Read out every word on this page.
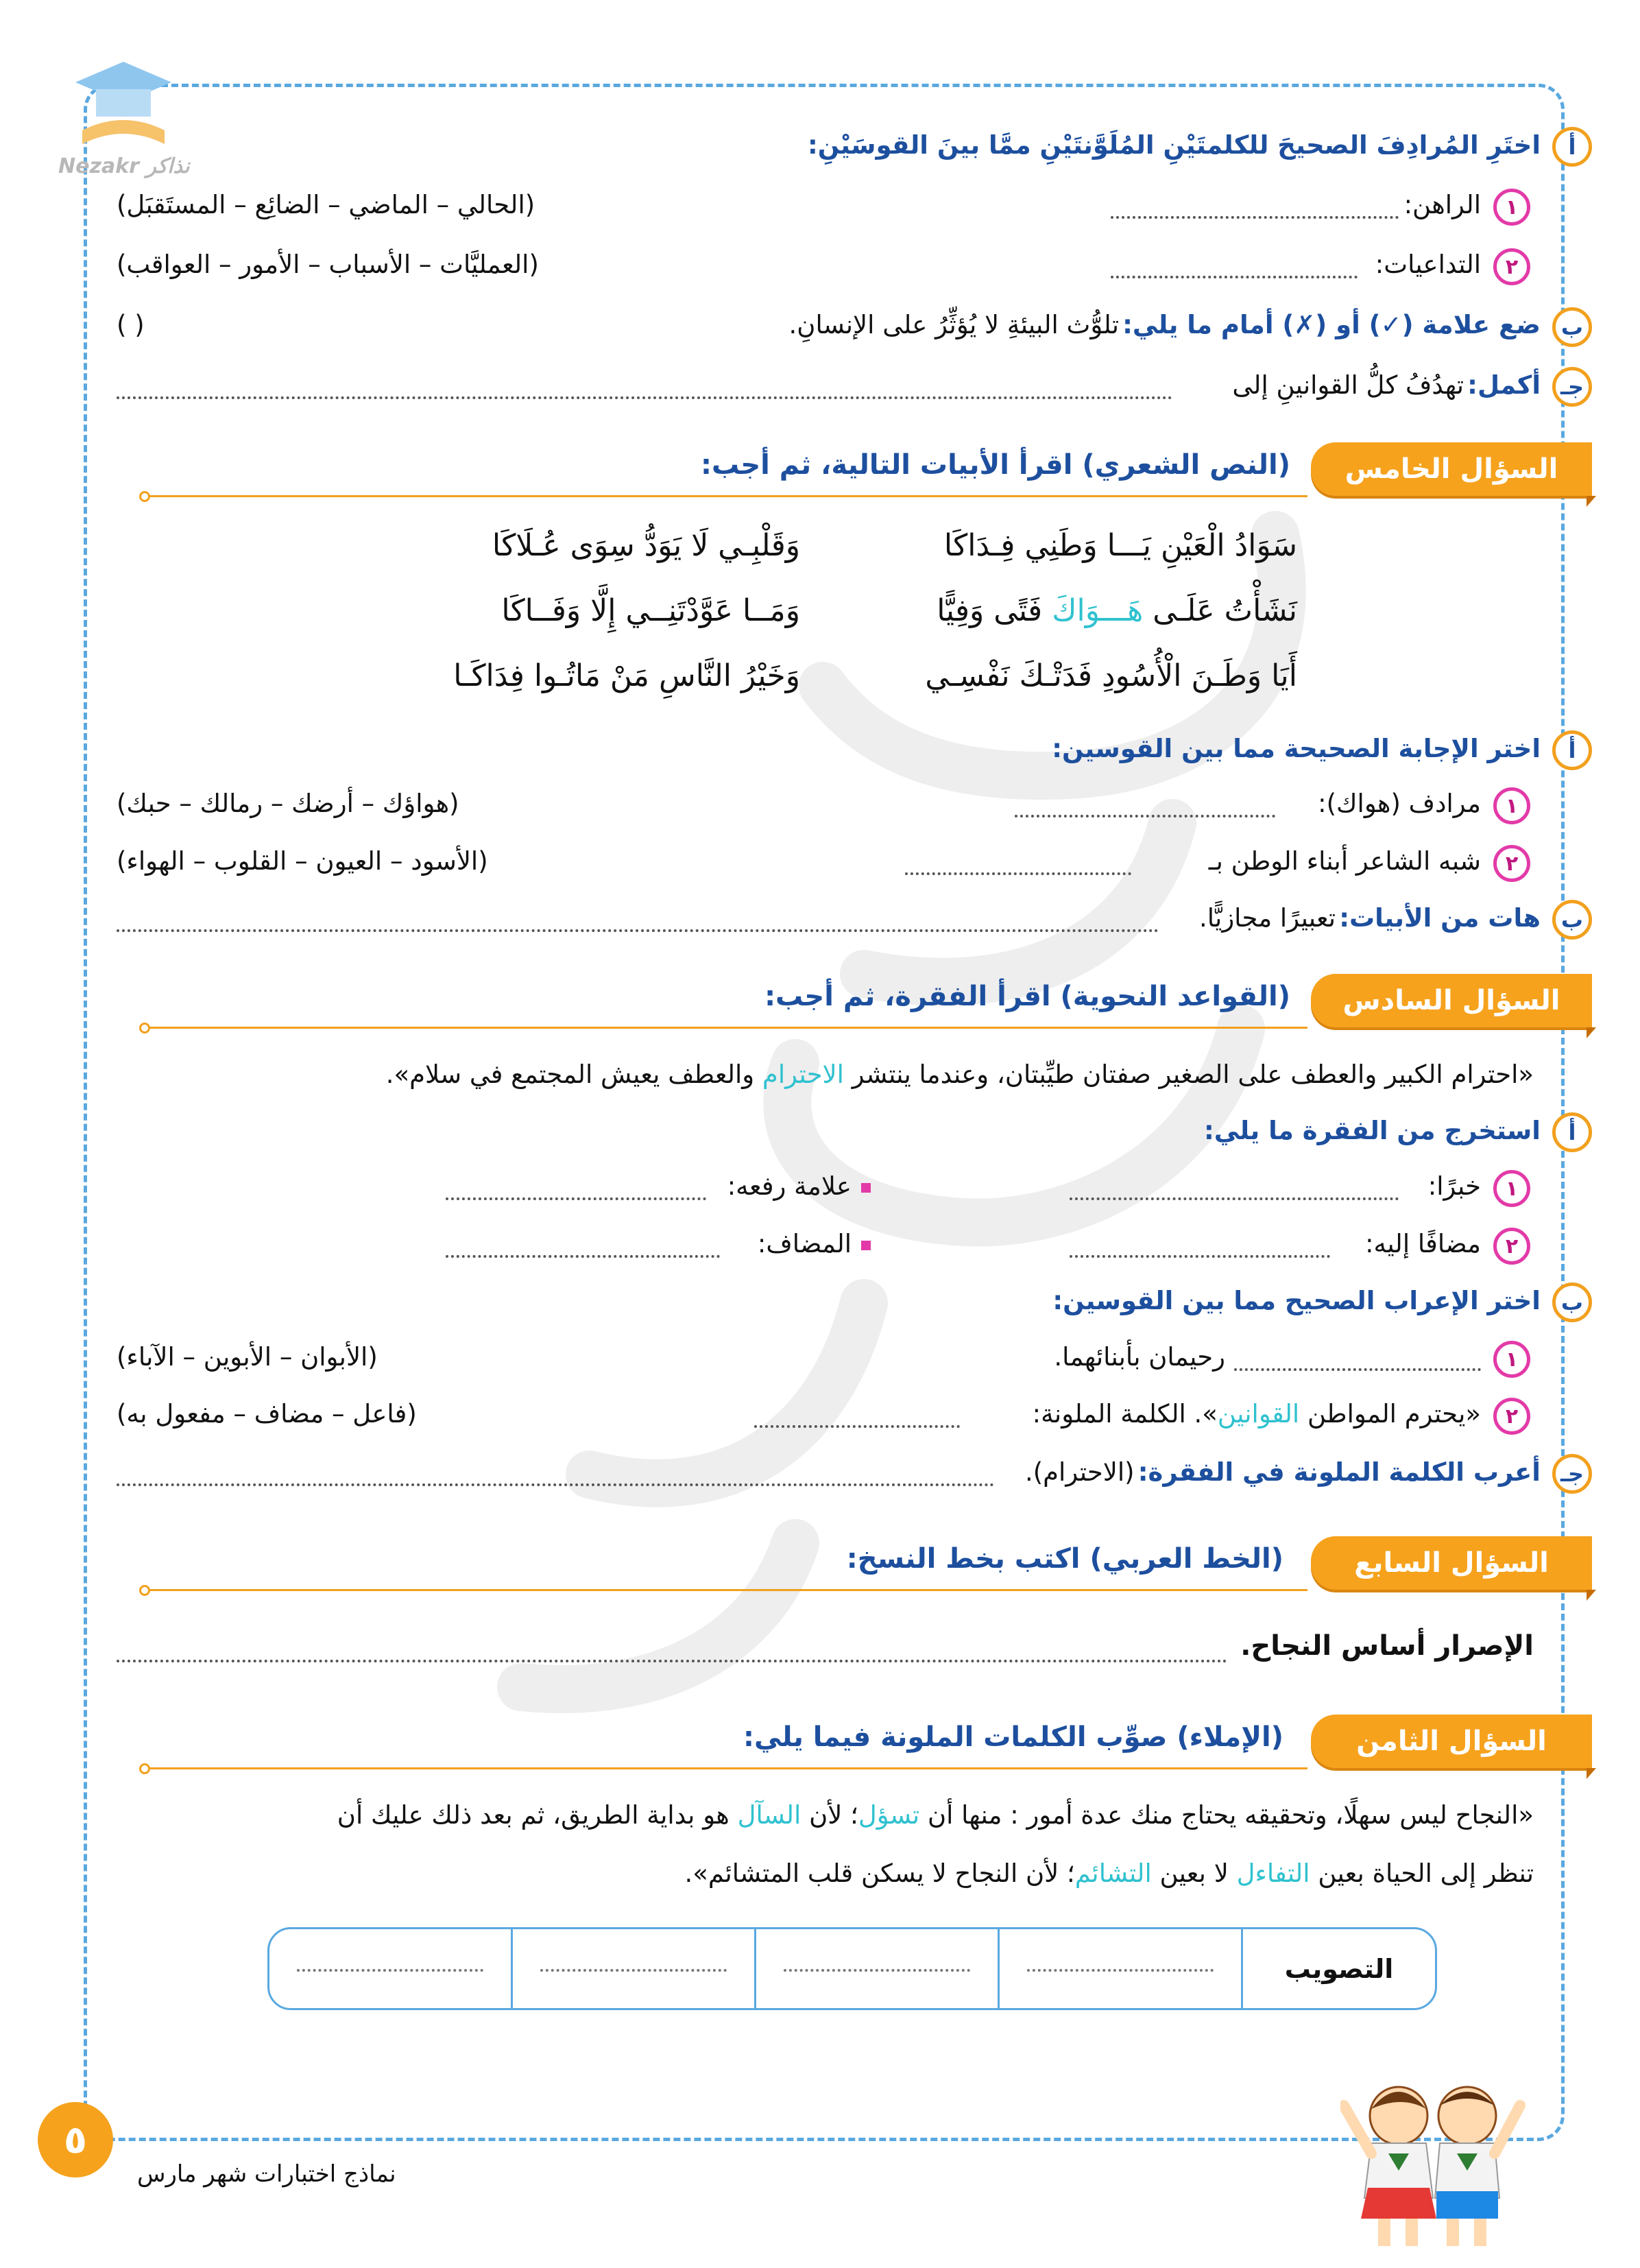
نذاكر Nezakr
أ
اختَرِ المُرادِفَ الصحيحَ للكلمتَيْنِ المُلَوَّنتَيْنِ ممَّا بينَ القوسَيْنِ:
١
الراهن:
(الحالي – الماضي – الضائِع – المستَقبَل)
٢
التداعيات:
(العمليَّات – الأسباب – الأمور – العواقب)
ب
ضع علامة (✓) أو (✗) أمام ما يلي: تلوُّث البيئةِ لا يُؤثِّرُ على الإنسانِ.
( )
جـ
أكمل: تهدُفُ كلُّ القوانينِ إلى
السؤال الخامس
(النص الشعري) اقرأ الأبيات التالية، ثم أجب:
سَوَادُ الْعَيْنِ يَـــا وَطَنِي فِـدَاكَا
وَقَلْبِـي لَا يَوَدُّ سِوَى عُـلَاكَا
نَشَأْتُ عَلَـى هَـــوَاكَ فَتًى وَفِيًّا
وَمَــا عَوَّدْتَنِــي إِلَّا وَفَــاكَا
أَيَا وَطَـنَ الْأُسُودِ فَدَتْـكَ نَفْسِـي
وَخَيْرُ النَّاسِ مَنْ مَاتُـوا فِدَاكَـا
أ
اختر الإجابة الصحيحة مما بين القوسين:
١
مرادف (هواك):
(هواؤك – أرضك – رمالك – حبك)
٢
شبه الشاعر أبناء الوطن بـ
(الأسود – العيون – القلوب – الهواء)
ب
هات من الأبيات: تعبيرًا مجازيًّا.
السؤال السادس
(القواعد النحوية) اقرأ الفقرة، ثم أجب:
«احترام الكبير والعطف على الصغير صفتان طيِّبتان، وعندما ينتشر الاحترام والعطف يعيش المجتمع في سلام».
أ
استخرج من الفقرة ما يلي:
١
خبرًا:
علامة رفعه:
٢
مضافًا إليه:
المضاف:
ب
اختر الإعراب الصحيح مما بين القوسين:
١
رحيمان بأبنائهما.
(الأبوان – الأبوين – الآباء)
٢
«يحترم المواطن القوانين». الكلمة الملونة:
(فاعل – مضاف – مفعول به)
جـ
أعرب الكلمة الملونة في الفقرة: (الاحترام).
السؤال السابع
(الخط العربي) اكتب بخط النسخ:
الإصرار أساس النجاح.
السؤال الثامن
(الإملاء) صوِّب الكلمات الملونة فيما يلي:
«النجاح ليس سهلًا، وتحقيقه يحتاج منك عدة أمور : منها أن تسؤل؛ لأن السآل هو بداية الطريق، ثم بعد ذلك عليك أن
تنظر إلى الحياة بعين التفاءل لا بعين التشائم؛ لأن النجاح لا يسكن قلب المتشائم».
التصويب
٥
نماذج اختبارات شهر مارس
